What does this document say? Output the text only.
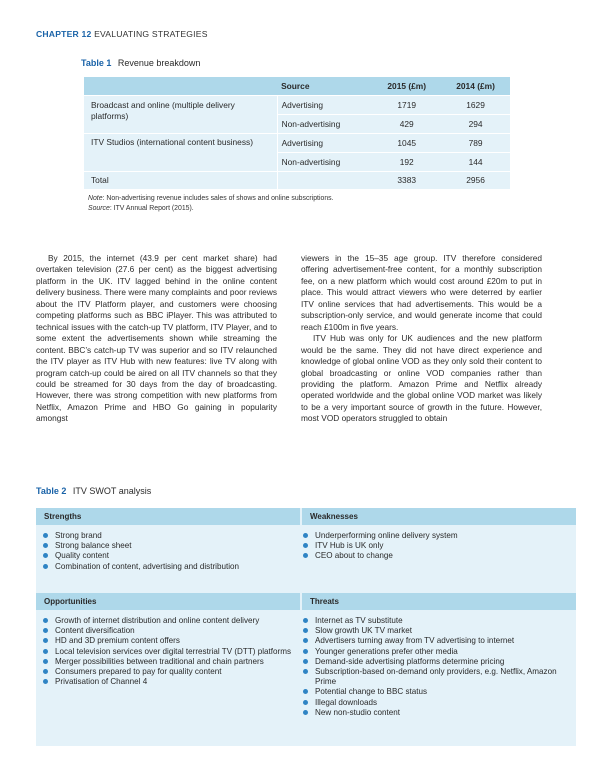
CHAPTER 12 EVALUATING STRATEGIES
Table 1 Revenue breakdown
	Source	2015 (£m)	2014 (£m)
Broadcast and online (multiple delivery platforms)	Advertising	1719	1629
	Non-advertising	429	294
ITV Studios (international content business)	Advertising	1045	789
	Non-advertising	192	144
Total		3383	2956
Note: Non-advertising revenue includes sales of shows and online subscriptions.
Source: ITV Annual Report (2015).

By 2015, the internet (43.9 per cent market share) had overtaken television (27.6 per cent) as the biggest advertising platform in the UK. ITV lagged behind in the online content delivery business. There were many complaints and poor reviews about the ITV Platform player, and customers were choosing competing platforms such as BBC iPlayer. This was attributed to technical issues with the catch-up TV platform, ITV Player, and to some extent the advertisements shown while streaming the content. BBC’s catch-up TV was superior and so ITV relaunched the ITV player as ITV Hub with new features: live TV along with program catch-up could be aired on all ITV channels so that they could be streamed for 30 days from the day of broadcasting. However, there was strong competition with new platforms from Netflix, Amazon Prime and HBO Go gaining in popularity amongst

viewers in the 15–35 age group. ITV therefore considered offering advertisement-free content, for a monthly subscription fee, on a new platform which would cost around £20m to put in place. This would attract viewers who were deterred by earlier ITV online services that had advertisements. This would be a subscription-only service, and would generate income that could reach £100m in five years.

ITV Hub was only for UK audiences and the new platform would be the same. They did not have direct experience and knowledge of global online VOD as they only sold their content to global broadcasting or online VOD companies rather than providing the platform. Amazon Prime and Netflix already operated worldwide and the global online VOD market was likely to be a very important source of growth in the future. However, most VOD operators struggled to obtain

Table 2 ITV SWOT analysis
Strengths	Weaknesses
Opportunities	Threats
Strong brand
Strong balance sheet
Quality content
Combination of content, advertising and distribution
Underperforming online delivery system
ITV Hub is UK only
CEO about to change
Growth of internet distribution and online content delivery
Content diversification
HD and 3D premium content offers
Local television services over digital terrestrial TV (DTT) platforms
Merger possibilities between traditional and chain partners
Consumers prepared to pay for quality content
Privatisation of Channel 4
Internet as TV substitute
Slow growth UK TV market
Advertisers turning away from TV advertising to internet
Younger generations prefer other media
Demand-side advertising platforms determine pricing
Subscription-based on-demand only providers, e.g. Netflix, Amazon Prime
Potential change to BBC status
Illegal downloads
New non-studio content
